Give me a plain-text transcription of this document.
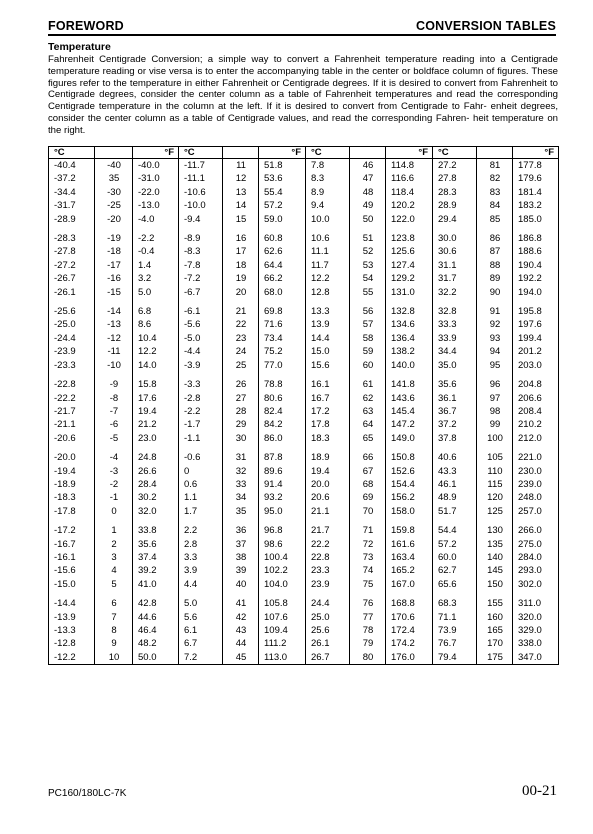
FOREWORD	CONVERSION TABLES
Temperature

Fahrenheit Centigrade Conversion; a simple way to convert a Fahrenheit temperature reading into a Centigrade temperature reading or vise versa is to enter the accompanying table in the center or boldface column of figures. These figures refer to the temperature in either Fahrenheit or Centigrade degrees. If it is desired to convert from Fahrenheit to Centigrade degrees, consider the center column as a table of Fahrenheit temperatures and read the corresponding Centigrade temperature in the column at the left. If it is desired to convert from Centigrade to Fahr- enheit degrees, consider the center column as a table of Centigrade values, and read the corresponding Fahren- heit temperature on the right.

°C		°F	°C		°F	°C		°F	°C		°F
-40.4	-40	-40.0	-11.7	11	51.8	7.8	46	114.8	27.2	81	177.8
-37.2	35	-31.0	-11.1	12	53.6	8.3	47	116.6	27.8	82	179.6
-34.4	-30	-22.0	-10.6	13	55.4	8.9	48	118.4	28.3	83	181.4
-31.7	-25	-13.0	-10.0	14	57.2	9.4	49	120.2	28.9	84	183.2
-28.9	-20	-4.0	-9.4	15	59.0	10.0	50	122.0	29.4	85	185.0

-28.3	-19	-2.2	-8.9	16	60.8	10.6	51	123.8	30.0	86	186.8
-27.8	-18	-0.4	-8.3	17	62.6	11.1	52	125.6	30.6	87	188.6
-27.2	-17	1.4	-7.8	18	64.4	11.7	53	127.4	31.1	88	190.4
-26.7	-16	3.2	-7.2	19	66.2	12.2	54	129.2	31.7	89	192.2
-26.1	-15	5.0	-6.7	20	68.0	12.8	55	131.0	32.2	90	194.0

-25.6	-14	6.8	-6.1	21	69.8	13.3	56	132.8	32.8	91	195.8
-25.0	-13	8.6	-5.6	22	71.6	13.9	57	134.6	33.3	92	197.6
-24.4	-12	10.4	-5.0	23	73.4	14.4	58	136.4	33.9	93	199.4
-23.9	-11	12.2	-4.4	24	75.2	15.0	59	138.2	34.4	94	201.2
-23.3	-10	14.0	-3.9	25	77.0	15.6	60	140.0	35.0	95	203.0

-22.8	-9	15.8	-3.3	26	78.8	16.1	61	141.8	35.6	96	204.8
-22.2	-8	17.6	-2.8	27	80.6	16.7	62	143.6	36.1	97	206.6
-21.7	-7	19.4	-2.2	28	82.4	17.2	63	145.4	36.7	98	208.4
-21.1	-6	21.2	-1.7	29	84.2	17.8	64	147.2	37.2	99	210.2
-20.6	-5	23.0	-1.1	30	86.0	18.3	65	149.0	37.8	100	212.0

-20.0	-4	24.8	-0.6	31	87.8	18.9	66	150.8	40.6	105	221.0
-19.4	-3	26.6	0	32	89.6	19.4	67	152.6	43.3	110	230.0
-18.9	-2	28.4	0.6	33	91.4	20.0	68	154.4	46.1	115	239.0
-18.3	-1	30.2	1.1	34	93.2	20.6	69	156.2	48.9	120	248.0
-17.8	0	32.0	1.7	35	95.0	21.1	70	158.0	51.7	125	257.0

-17.2	1	33.8	2.2	36	96.8	21.7	71	159.8	54.4	130	266.0
-16.7	2	35.6	2.8	37	98.6	22.2	72	161.6	57.2	135	275.0
-16.1	3	37.4	3.3	38	100.4	22.8	73	163.4	60.0	140	284.0
-15.6	4	39.2	3.9	39	102.2	23.3	74	165.2	62.7	145	293.0
-15.0	5	41.0	4.4	40	104.0	23.9	75	167.0	65.6	150	302.0

-14.4	6	42.8	5.0	41	105.8	24.4	76	168.8	68.3	155	311.0
-13.9	7	44.6	5.6	42	107.6	25.0	77	170.6	71.1	160	320.0
-13.3	8	46.4	6.1	43	109.4	25.6	78	172.4	73.9	165	329.0
-12.8	9	48.2	6.7	44	111.2	26.1	79	174.2	76.7	170	338.0
-12.2	10	50.0	7.2	45	113.0	26.7	80	176.0	79.4	175	347.0
PC160/180LC-7K	00-21
